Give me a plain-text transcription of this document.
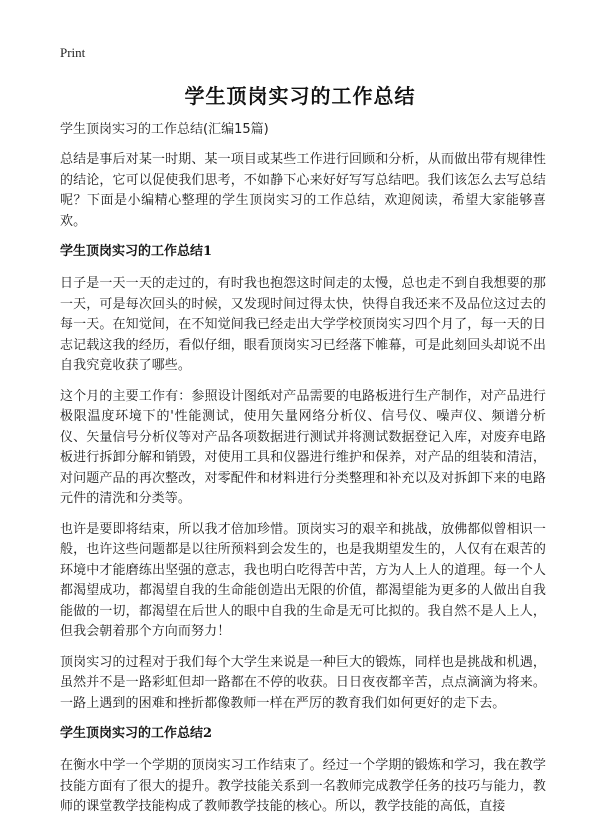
Print
学生顶岗实习的工作总结
学生顶岗实习的工作总结(汇编15篇)

总结是事后对某一时期、某一项目或某些工作进行回顾和分析，从而做出带有规律性的结论，它可以促使我们思考，不如静下心来好好写写总结吧。我们该怎么去写总结呢？下面是小编精心整理的学生顶岗实习的工作总结，欢迎阅读，希望大家能够喜欢。

学生顶岗实习的工作总结1

日子是一天一天的走过的，有时我也抱怨这时间走的太慢，总也走不到自我想要的那一天，可是每次回头的时候，又发现时间过得太快，快得自我还来不及品位这过去的每一天。在知觉间，在不知觉间我已经走出大学学校顶岗实习四个月了，每一天的日志记载这我的经历，看似仔细，眼看顶岗实习已经落下帷幕，可是此刻回头却说不出自我究竟收获了哪些。

这个月的主要工作有：参照设计图纸对产品需要的电路板进行生产制作，对产品进行极限温度环境下的'性能测试，使用矢量网络分析仪、信号仪、噪声仪、频谱分析仪、矢量信号分析仪等对产品各项数据进行测试并将测试数据登记入库，对废弃电路板进行拆卸分解和销毁，对使用工具和仪器进行维护和保养，对产品的组装和清洁，对问题产品的再次整改，对零配件和材料进行分类整理和补充以及对拆卸下来的电路元件的清洗和分类等。

也许是要即将结束，所以我才倍加珍惜。顶岗实习的艰辛和挑战，放佛都似曾相识一般，也许这些问题都是以往所预料到会发生的，也是我期望发生的，人仅有在艰苦的环境中才能磨练出坚强的意志，我也明白吃得苦中苦，方为人上人的道理。每一个人都渴望成功，都渴望自我的生命能创造出无限的价值，都渴望能为更多的人做出自我能做的一切，都渴望在后世人的眼中自我的生命是无可比拟的。我自然不是人上人，但我会朝着那个方向而努力！

顶岗实习的过程对于我们每个大学生来说是一种巨大的锻炼，同样也是挑战和机遇，虽然并不是一路彩虹但却一路都在不停的收获。日日夜夜都辛苦，点点滴滴为将来。一路上遇到的困难和挫折都像教师一样在严厉的教育我们如何更好的走下去。

学生顶岗实习的工作总结2

在衡水中学一个学期的顶岗实习工作结束了。经过一个学期的锻炼和学习，我在教学技能方面有了很大的提升。教学技能关系到一名教师完成教学任务的技巧与能力，教师的课堂教学技能构成了教师教学技能的核心。所以，教学技能的高低，直接
